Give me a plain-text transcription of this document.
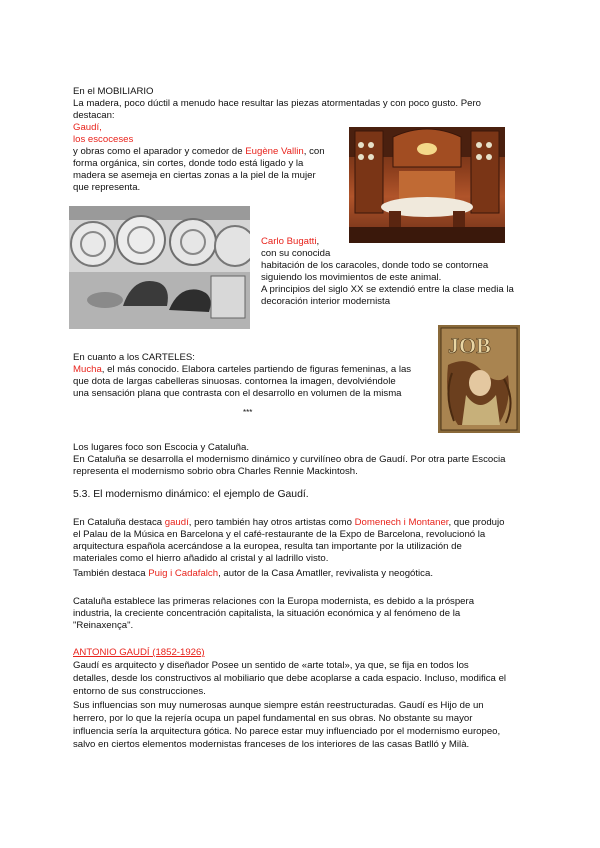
En el MOBILIARIO
La madera, poco dúctil a menudo hace resultar las piezas atormentadas y con poco gusto. Pero
destacan:
Gaudí,
los escoceses
y obras como el aparador y comedor de Eugène Vallin, con
forma orgánica, sin cortes, donde todo está ligado y la
madera se asemeja en ciertas zonas a la piel de la mujer
que representa.
Carlo Bugatti,
con su conocida
habitación de los caracoles, donde todo se contornea
siguiendo los movimientos de este animal.
A principios del siglo XX se extendió entre la clase media la
decoración interior modernista
JOB
En cuanto a los CARTELES:
Mucha, el más conocido. Elabora carteles partiendo de figuras femeninas, a las
que dota de largas cabelleras sinuosas. contornea la imagen, devolviéndole
una sensación plana que contrasta con el desarrollo en volumen de la misma
***
Los lugares foco son Escocia y Cataluña.
En Cataluña se desarrolla el modernismo dinámico y curvilíneo obra de Gaudí. Por otra parte Escocia
representa el modernismo sobrio obra Charles Rennie Mackintosh.
5.3. El modernismo dinámico: el ejemplo de Gaudí.
En Cataluña destaca gaudí, pero también hay otros artistas como Domenech i Montaner, que produjo
el Palau de la Música en Barcelona y el café-restaurante de la Expo de Barcelona, revolucionó la
arquitectura española acercándose a la europea, resulta tan importante por la utilización de
materiales como el hierro añadido al cristal y al ladrillo visto.
También destaca Puig i Cadafalch, autor de la Casa Amatller, revivalista y neogótica.
Cataluña establece las primeras relaciones con la Europa modernista, es debido a la próspera
industria, la creciente concentración capitalista, la situación económica y al fenómeno de la
"Reinaxença".
ANTONIO GAUDÍ (1852-1926)
Gaudí es arquitecto y diseñador Posee un sentido de «arte total», ya que, se fija en todos los
detalles, desde los constructivos al mobiliario que debe acoplarse a cada espacio. Incluso, modifica el
entorno de sus construcciones.
Sus influencias son muy numerosas aunque siempre están reestructuradas. Gaudí es Hijo de un
herrero, por lo que la rejería ocupa un papel fundamental en sus obras. No obstante su mayor
influencia sería la arquitectura gótica. No parece estar muy influenciado por el modernismo europeo,
salvo en ciertos elementos modernistas franceses de los interiores de las casas Batlló y Milà.
